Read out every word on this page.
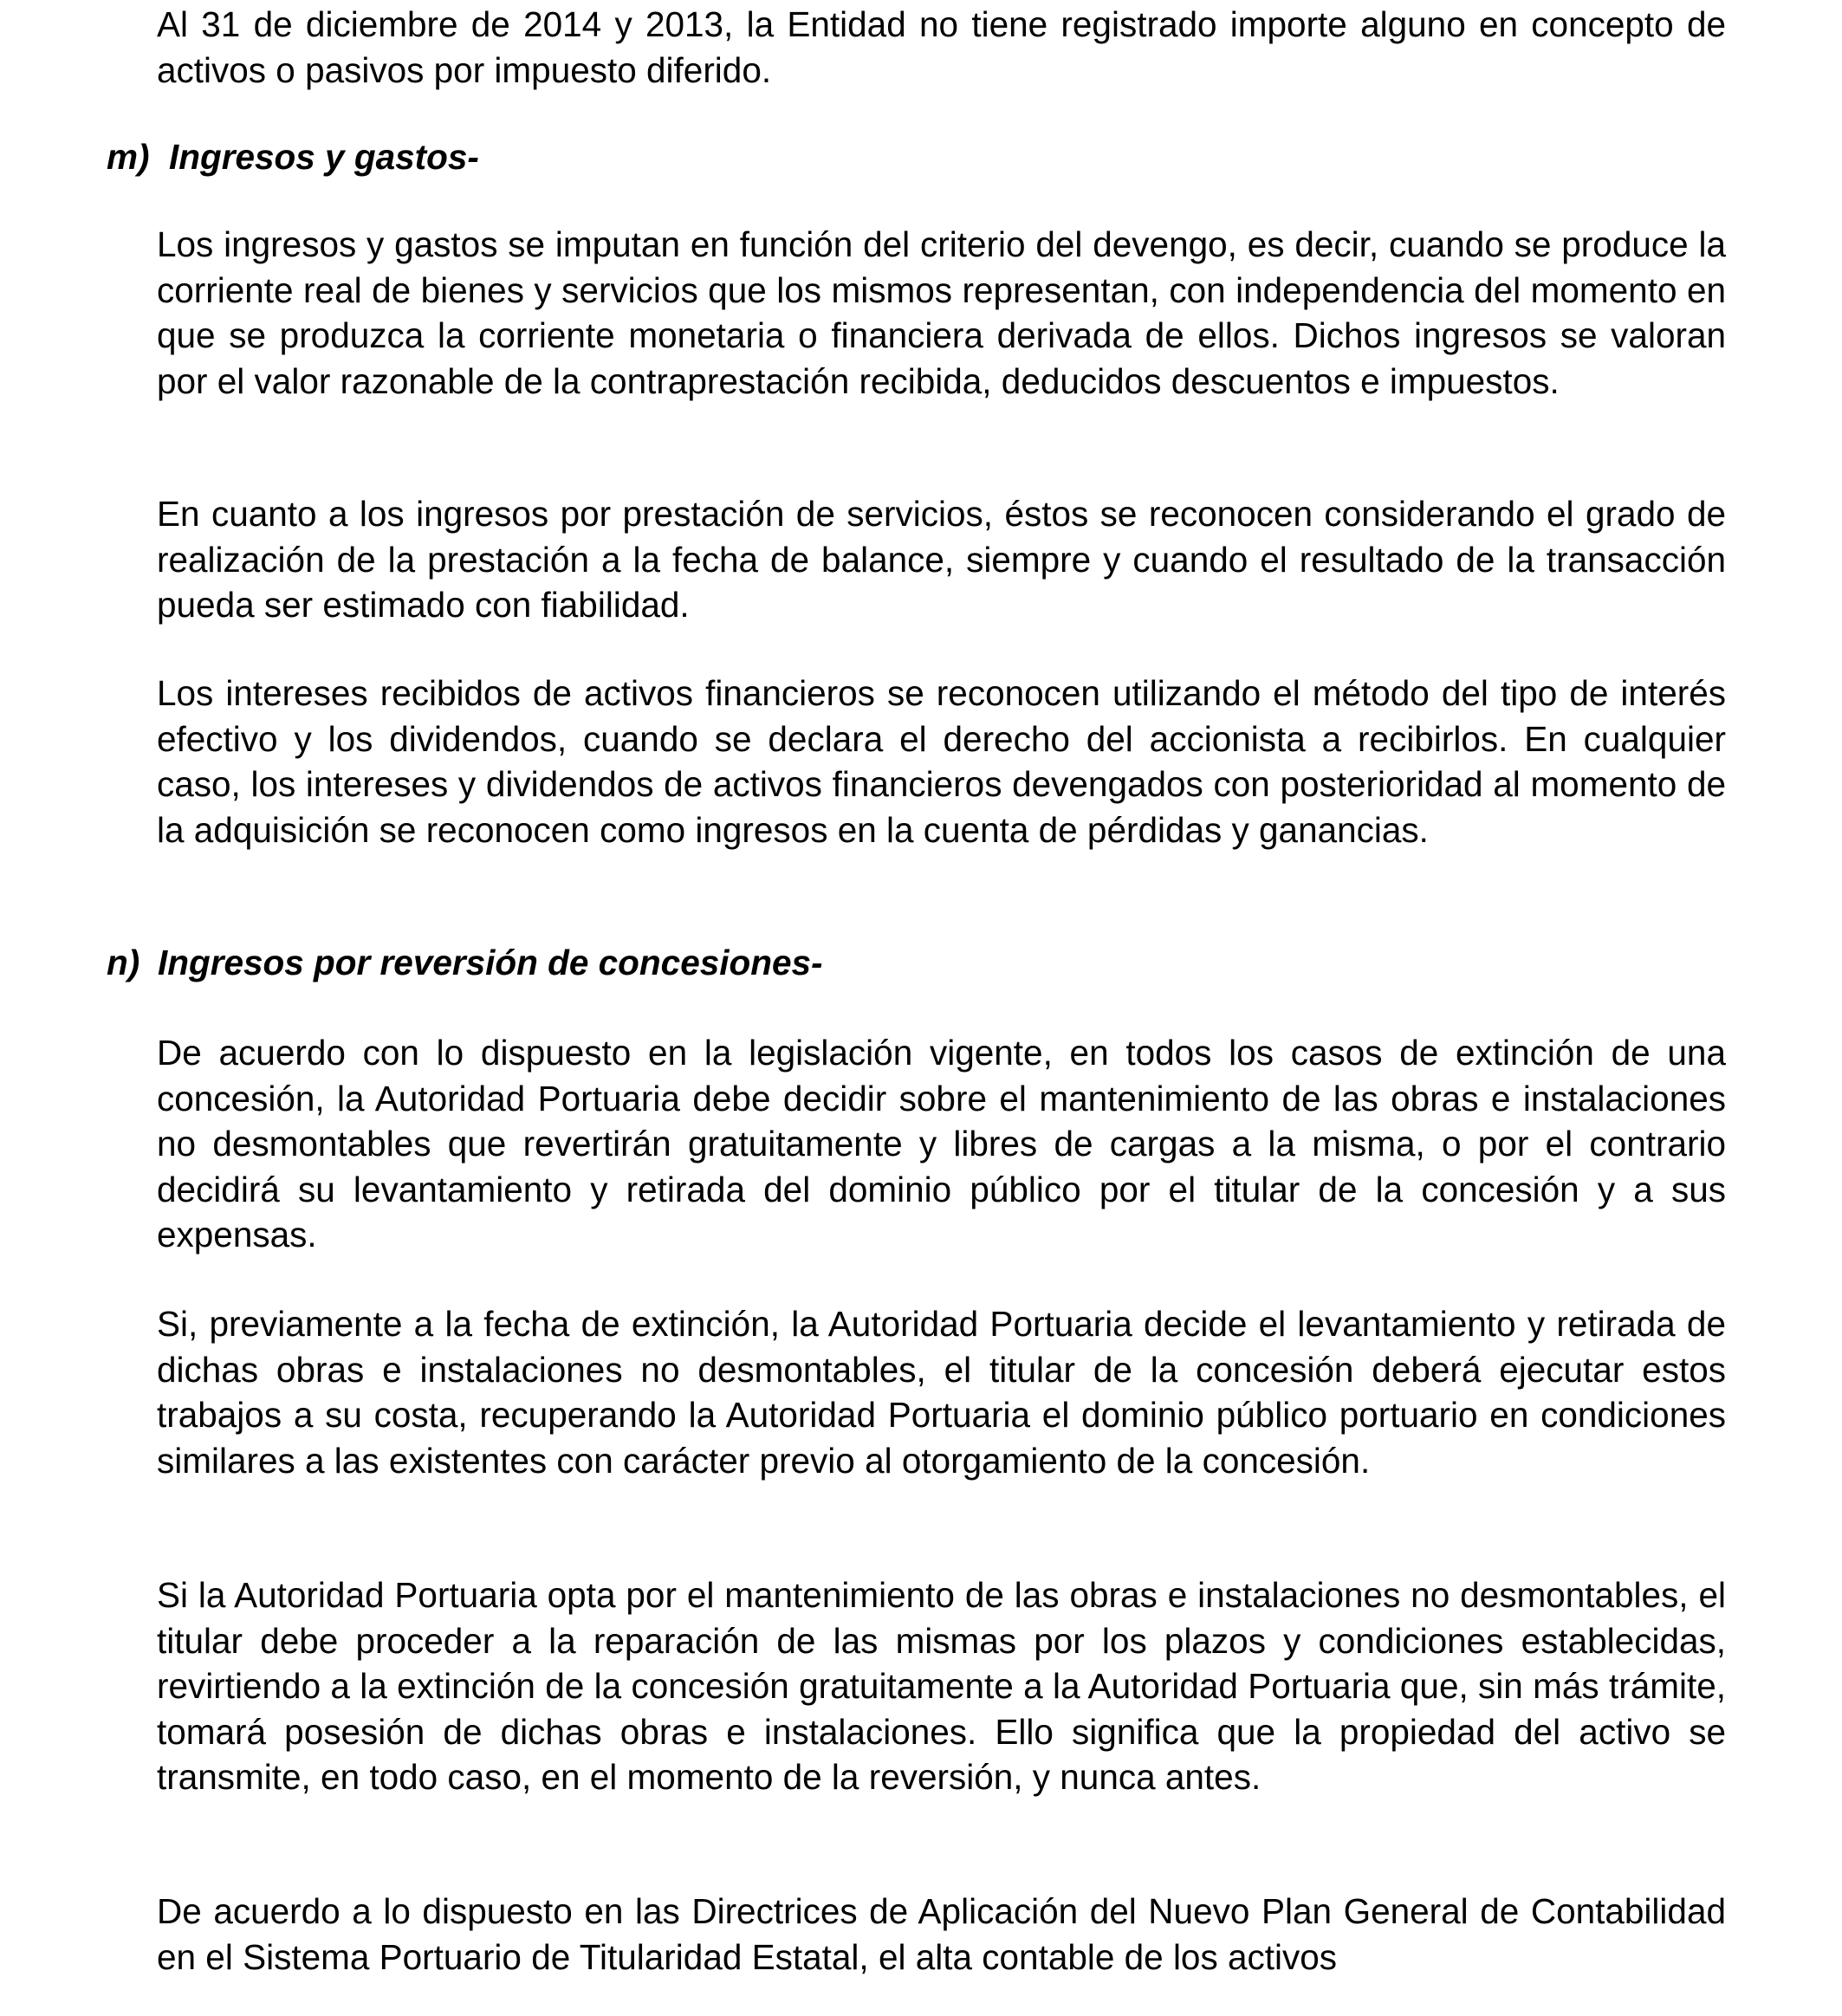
Al 31 de diciembre de 2014 y 2013, la Entidad no tiene registrado importe alguno en concepto de activos o pasivos por impuesto diferido.

m) Ingresos y gastos-

Los ingresos y gastos se imputan en función del criterio del devengo, es decir, cuando se produce la corriente real de bienes y servicios que los mismos representan, con independencia del momento en que se produzca la corriente monetaria o financiera derivada de ellos. Dichos ingresos se valoran por el valor razonable de la contraprestación recibida, deducidos descuentos e impuestos.

En cuanto a los ingresos por prestación de servicios, éstos se reconocen considerando el grado de realización de la prestación a la fecha de balance, siempre y cuando el resultado de la transacción pueda ser estimado con fiabilidad.

Los intereses recibidos de activos financieros se reconocen utilizando el método del tipo de interés efectivo y los dividendos, cuando se declara el derecho del accionista a recibirlos. En cualquier caso, los intereses y dividendos de activos financieros devengados con posterioridad al momento de la adquisición se reconocen como ingresos en la cuenta de pérdidas y ganancias.

n) Ingresos por reversión de concesiones-

De acuerdo con lo dispuesto en la legislación vigente, en todos los casos de extinción de una concesión, la Autoridad Portuaria debe decidir sobre el mantenimiento de las obras e instalaciones no desmontables que revertirán gratuitamente y libres de cargas a la misma, o por el contrario decidirá su levantamiento y retirada del dominio público por el titular de la concesión y a sus expensas.

Si, previamente a la fecha de extinción, la Autoridad Portuaria decide el levantamiento y retirada de dichas obras e instalaciones no desmontables, el titular de la concesión deberá ejecutar estos trabajos a su costa, recuperando la Autoridad Portuaria el dominio público portuario en condiciones similares a las existentes con carácter previo al otorgamiento de la concesión.

Si la Autoridad Portuaria opta por el mantenimiento de las obras e instalaciones no desmontables, el titular debe proceder a la reparación de las mismas por los plazos y condiciones establecidas, revirtiendo a la extinción de la concesión gratuitamente a la Autoridad Portuaria que, sin más trámite, tomará posesión de dichas obras e instalaciones. Ello significa que la propiedad del activo se transmite, en todo caso, en el momento de la reversión, y nunca antes.

De acuerdo a lo dispuesto en las Directrices de Aplicación del Nuevo Plan General de Contabilidad en el Sistema Portuario de Titularidad Estatal, el alta contable de los activos
